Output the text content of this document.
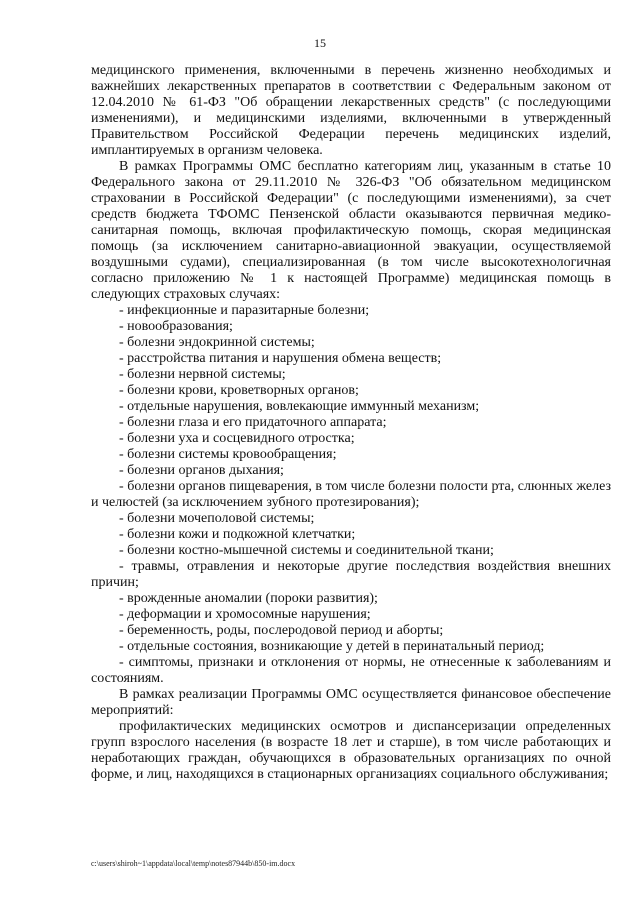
15

медицинского применения, включенными в перечень жизненно необходимых и важнейших лекарственных препаратов в соответствии с Федеральным законом от 12.04.2010 № 61-ФЗ "Об обращении лекарственных средств" (с последующими изменениями), и медицинскими изделиями, включенными в утвержденный Правительством Российской Федерации перечень медицинских изделий, имплантируемых в организм человека.

В рамках Программы ОМС бесплатно категориям лиц, указанным в статье 10 Федерального закона от 29.11.2010 № 326-ФЗ "Об обязательном медицинском страховании в Российской Федерации" (с последующими изменениями), за счет средств бюджета ТФОМС Пензенской области оказываются первичная медико-санитарная помощь, включая профилактическую помощь, скорая медицинская помощь (за исключением санитарно-авиационной эвакуации, осуществляемой воздушными судами), специализированная (в том числе высокотехнологичная согласно приложению № 1 к настоящей Программе) медицинская помощь в следующих страховых случаях:

- инфекционные и паразитарные болезни;

- новообразования;

- болезни эндокринной системы;

- расстройства питания и нарушения обмена веществ;

- болезни нервной системы;

- болезни крови, кроветворных органов;

- отдельные нарушения, вовлекающие иммунный механизм;

- болезни глаза и его придаточного аппарата;

- болезни уха и сосцевидного отростка;

- болезни системы кровообращения;

- болезни органов дыхания;

- болезни органов пищеварения, в том числе болезни полости рта, слюнных желез и челюстей (за исключением зубного протезирования);

- болезни мочеполовой системы;

- болезни кожи и подкожной клетчатки;

- болезни костно-мышечной системы и соединительной ткани;

- травмы, отравления и некоторые другие последствия воздействия внешних причин;

- врожденные аномалии (пороки развития);

- деформации и хромосомные нарушения;

- беременность, роды, послеродовой период и аборты;

- отдельные состояния, возникающие у детей в перинатальный период;

- симптомы, признаки и отклонения от нормы, не отнесенные к заболеваниям и состояниям.

В рамках реализации Программы ОМС осуществляется финансовое обеспечение мероприятий:

профилактических медицинских осмотров и диспансеризации определенных групп взрослого населения (в возрасте 18 лет и старше), в том числе работающих и неработающих граждан, обучающихся в образовательных организациях по очной форме, и лиц, находящихся в стационарных организациях социального обслуживания;

c:\users\shiroh~1\appdata\local\temp\notes87944b\850-im.docx
